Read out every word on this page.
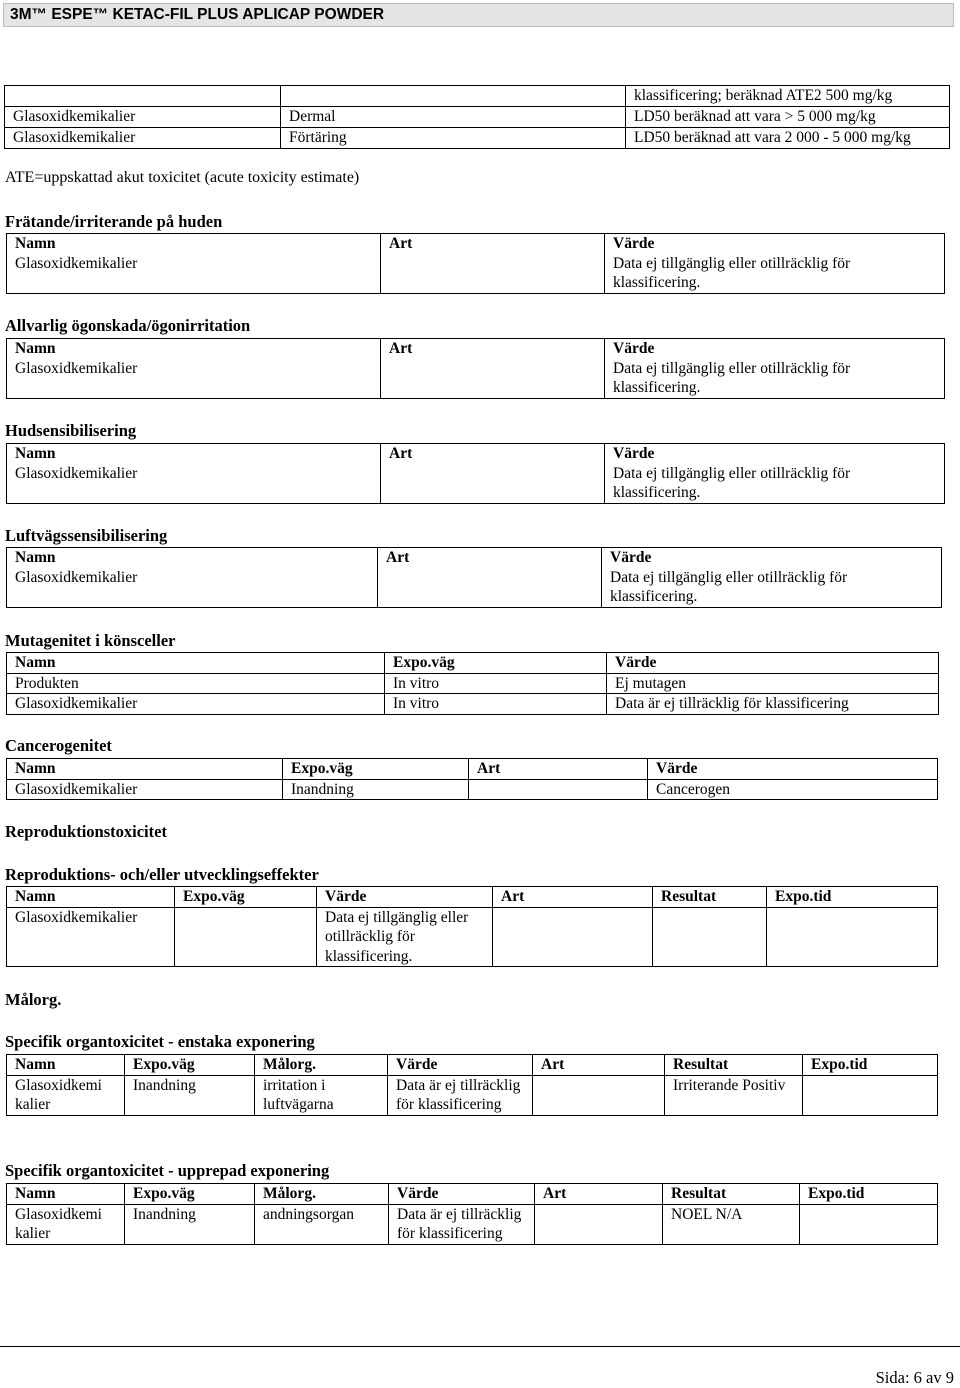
3M™ ESPE™ KETAC-FIL PLUS APLICAP POWDER
		klassificering; beräknad ATE2 500 mg/kg
Glasoxidkemikalier	Dermal	LD50 beräknad att vara > 5 000 mg/kg
Glasoxidkemikalier	Förtäring	LD50 beräknad att vara 2 000 - 5 000 mg/kg
ATE=uppskattad akut toxicitet (acute toxicity estimate)
Frätande/irriterande på huden
Namn	Art	Värde
Glasoxidkemikalier		Data ej tillgänglig eller otillräcklig för klassificering.
Allvarlig ögonskada/ögonirritation
Namn	Art	Värde
Glasoxidkemikalier		Data ej tillgänglig eller otillräcklig för klassificering.
Hudsensibilisering
Namn	Art	Värde
Glasoxidkemikalier		Data ej tillgänglig eller otillräcklig för klassificering.
Luftvägssensibilisering
Namn	Art	Värde
Glasoxidkemikalier		Data ej tillgänglig eller otillräcklig för klassificering.
Mutagenitet i könsceller
Namn	Expo.väg	Värde
Produkten	In vitro	Ej mutagen
Glasoxidkemikalier	In vitro	Data är ej tillräcklig för klassificering
Cancerogenitet
Namn	Expo.väg	Art	Värde
Glasoxidkemikalier	Inandning		Cancerogen
Reproduktionstoxicitet
Reproduktions- och/eller utvecklingseffekter
Namn	Expo.väg	Värde	Art	Resultat	Expo.tid
Glasoxidkemikalier		Data ej tillgänglig eller otillräcklig för klassificering.			
Målorg.
Specifik organtoxicitet - enstaka exponering
Namn	Expo.väg	Målorg.	Värde	Art	Resultat	Expo.tid
Glasoxidkemi kalier	Inandning	irritation i luftvägarna	Data är ej tillräcklig för klassificering		Irriterande Positiv	
Specifik organtoxicitet - upprepad exponering
Namn	Expo.väg	Målorg.	Värde	Art	Resultat	Expo.tid
Glasoxidkemi kalier	Inandning	andningsorgan	Data är ej tillräcklig för klassificering		NOEL N/A	
Sida: 6 av 9
